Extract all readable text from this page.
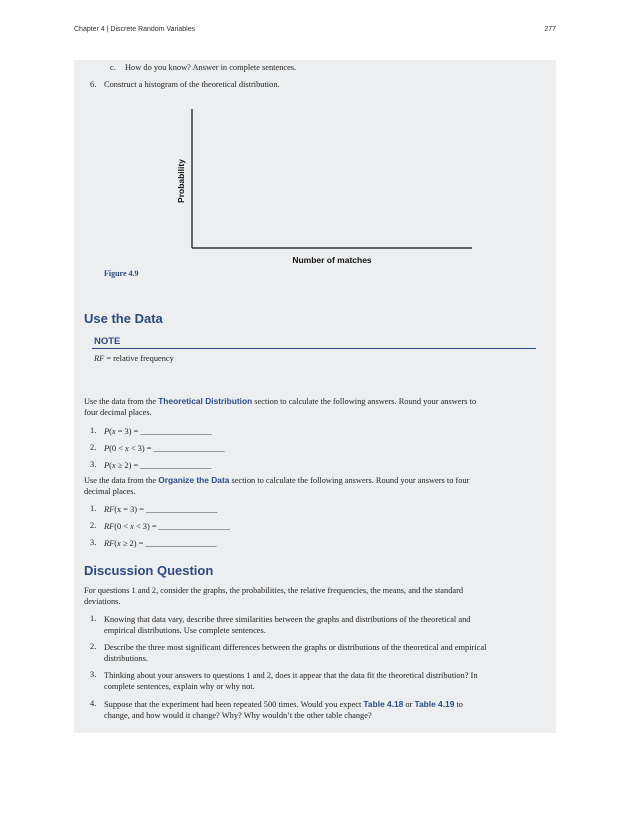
Chapter 4 | Discrete Random Variables	277
c. How do you know? Answer in complete sentences.
6. Construct a histogram of the theoretical distribution.
Probability
Number of matches
Figure 4.9
Use the Data
NOTE
RF = relative frequency
Use the data from the Theoretical Distribution section to calculate the following answers. Round your answers to
four decimal places.
1. P(x = 3) = _________________
2. P(0 < x < 3) = _________________
3. P(x ≥ 2) = _________________
Use the data from the Organize the Data section to calculate the following answers. Round your answers to four
decimal places.
1. RF(x = 3) = _________________
2. RF(0 < x < 3) = _________________
3. RF(x ≥ 2) = _________________
Discussion Question
For questions 1 and 2, consider the graphs, the probabilities, the relative frequencies, the means, and the standard
deviations.
1. Knowing that data vary, describe three similarities between the graphs and distributions of the theoretical and
empirical distributions. Use complete sentences.
2. Describe the three most significant differences between the graphs or distributions of the theoretical and empirical
distributions.
3. Thinking about your answers to questions 1 and 2, does it appear that the data fit the theoretical distribution? In
complete sentences, explain why or why not.
4. Suppose that the experiment had been repeated 500 times. Would you expect Table 4.18 or Table 4.19 to
change, and how would it change? Why? Why wouldn’t the other table change?
